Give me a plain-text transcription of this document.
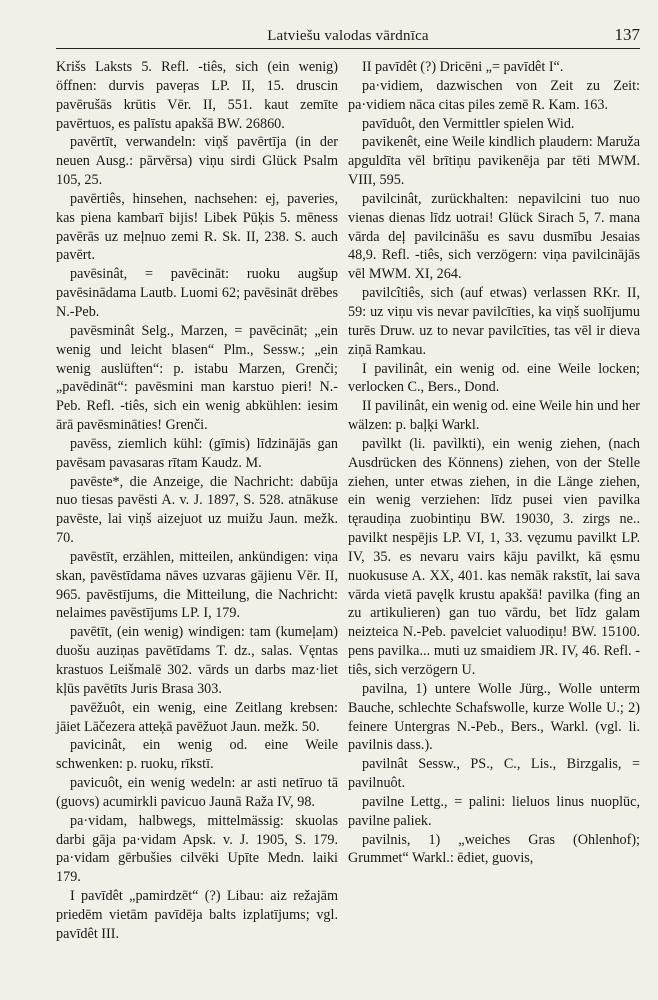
Latviešu valodas vārdnīca	137

Krišs Laksts 5. Refl. -tiês, sich (ein wenig) öffnen: durvis paveŗas LP. II, 15. druscin pavērušās krūtis Vēr. II, 551. kaut zemīte pavērtuos, es palīstu apakšā BW. 26860.

pavērtīt, verwandeln: viņš pavērtīja (in der neuen Ausg.: pārvērsa) viņu sirdi Glück Psalm 105, 25.

pavērtiês, hinsehen, nachsehen: ej, paveries, kas piena kambarī bijis! Libek Pūķis 5. mēness pavērās uz meļnuo zemi R. Sk. II, 238. S. auch pavērt.

pavēsinât, = pavēcināt: ruoku augšup pavēsinādama Lautb. Luomi 62; pavēsināt drēbes N.-Peb.

pavēsminât Selg., Marzen, = pavēcināt; „ein wenig und leicht blasen“ Plm., Sessw.; „ein wenig auslüften“: p. istabu Marzen, Grenči; „pavēdināt“: pavēsmini man karstuo pieri! N.-Peb. Refl. -tiês, sich ein wenig abkühlen: iesim ārā pavēsmināties! Grenči.

pavēss, ziemlich kühl: (gīmis) līdzinājās gan pavēsam pavasaras rītam Kaudz. M.

pavēste*, die Anzeige, die Nachricht: dabūja nuo tiesas pavēsti A. v. J. 1897, S. 528. atnākuse pavēste, lai viņš aizejuot uz muižu Jaun. mežk. 70.

pavēstīt, erzählen, mitteilen, ankündigen: viņa skan, pavēstīdama nāves uzvaras gājienu Vēr. II, 965. pavēstījums, die Mitteilung, die Nachricht: nelaimes pavēstījums LP. I, 179.

pavētīt, (ein wenig) windigen: tam (kumeļam) duošu auziņas pavētīdams T. dz., salas. Vęntas krastuos Leišmalē 302. vārds un darbs maz·liet kļūs pavētīts Juris Brasa 303.

pavēžuôt, ein wenig, eine Zeitlang krebsen: jāiet Lāčezera atteķā pavēžuot Jaun. mežk. 50.

pavicinât, ein wenig od. eine Weile schwenken: p. ruoku, rīkstī.

pavicuôt, ein wenig wedeln: ar asti netīruo tā (guovs) acumirkli pavicuo Jaunā Raža IV, 98.

pa·vidam, halbwegs, mittelmässig: skuolas darbi gāja pa·vidam Apsk. v. J. 1905, S. 179. pa·vidam gērbušies cilvēki Upīte Medn. laiki 179.

I pavīdêt „pamirdzēt“ (?) Libau: aiz režajām priedēm vietām pavīdēja balts izplatījums; vgl. pavīdêt III.

II pavīdêt (?) Dricēni „= pavīdêt I“.

pa·vidiem, dazwischen von Zeit zu Zeit: pa·vidiem nāca citas piles zemē R. Kam. 163.

pavīduôt, den Vermittler spielen Wid.

pavikenêt, eine Weile kindlich plaudern: Maruža apguldīta vēl brītiņu pavikenēja par tēti MWM. VIII, 595.

pavilcinât, zurückhalten: nepavilcini tuo nuo vienas dienas līdz uotrai! Glück Sirach 5, 7. mana vārda deļ pavilcināšu es savu dusmību Jesaias 48,9. Refl. -tiês, sich verzögern: viņa pavilcinājās vēl MWM. XI, 264.

pavilcîtiês, sich (auf etwas) verlassen RKr. II, 59: uz viņu vis nevar pavilcīties, ka viņš suolījumu turēs Druw. uz to nevar pavilcīties, tas vēl ir dieva ziņā Ramkau.

I pavilinât, ein wenig od. eine Weile locken; verlocken C., Bers., Dond.

II pavilinât, ein wenig od. eine Weile hin und her wälzen: p. baļķi Warkl.

pavìlkt (li. pavìlkti), ein wenig ziehen, (nach Ausdrücken des Könnens) ziehen, von der Stelle ziehen, unter etwas ziehen, in die Länge ziehen, ein wenig verziehen: līdz pusei vien pavilka tęraudiņa zuobintiņu BW. 19030, 3. zirgs ne.. pavilkt nespējis LP. VI, 1, 33. vęzumu pavilkt LP. IV, 35. es nevaru vairs kāju pavilkt, kā ęsmu nuokususe A. XX, 401. kas nemāk rakstīt, lai sava vārda vietā pavęlk krustu apakšā! pavilka (fing an zu artikulieren) gan tuo vārdu, bet līdz galam neizteica N.-Peb. pavelciet valuodiņu! BW. 15100. pens pavilka... muti uz smaidiem JR. IV, 46. Refl. -tiês, sich verzögern U.

pavilna, 1) untere Wolle Jürg., Wolle unterm Bauche, schlechte Schafswolle, kurze Wolle U.; 2) feinere Untergras N.-Peb., Bers., Warkl. (vgl. li. pavilnis dass.).

pavilnât Sessw., PS., C., Lis., Birzgalis, = pavilnuôt.

pavilne Lettg., = palini: lieluos linus nuoplūc, pavilne paliek.

pavilnis, 1) „weiches Gras (Ohlenhof); Grummet“ Warkl.: ēdiet, guovis,
